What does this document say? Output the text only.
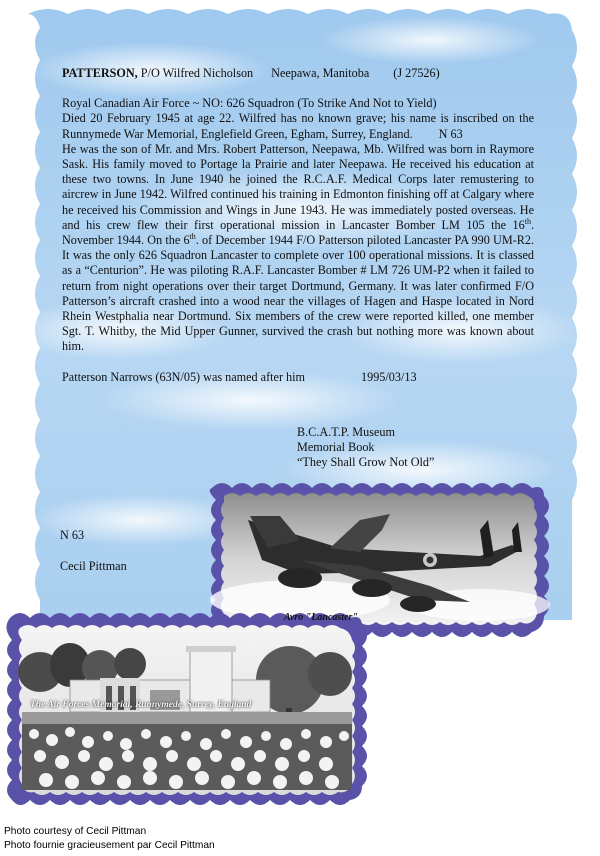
PATTERSON,
P/O Wilfred Nicholson Neepawa, Manitoba (J 27526)

Royal Canadian Air Force ~ NO: 626 Squadron (To Strike And Not to Yield)

Died 20 February 1945 at age 22. Wilfred has no known grave; his name is inscribed on the Runnymede War Memorial, Englefield Green, Egham, Surrey, England. N 63

He was the son of Mr. and Mrs. Robert Patterson, Neepawa, Mb. Wilfred was born in Raymore Sask. His family moved to Portage la Prairie and later Neepawa. He received his education at these two towns. In June 1940 he joined the R.C.A.F. Medical Corps later remustering to aircrew in June 1942. Wilfred continued his training in Edmonton finishing off at Calgary where he received his Commission and Wings in June 1943. He was immediately posted overseas. He and his crew flew their first operational mission in Lancaster Bomber LM 105 the 16th. November 1944. On the 6th. of December 1944 F/O Patterson piloted Lancaster PA 990 UM-R2. It was the only 626 Squadron Lancaster to complete over 100 operational missions. It is classed as a “Centurion”. He was piloting R.A.F. Lancaster Bomber # LM 726 UM-P2 when it failed to return from night operations over their target Dortmund, Germany. It was later confirmed F/O Patterson’s aircraft crashed into a wood near the villages of Hagen and Haspe located in Nord Rhein Westphalia near Dortmund. Six members of the crew were reported killed, one member Sgt. T. Whitby, the Mid Upper Gunner, survived the crash but nothing more was known about him.

Patterson Narrows (63N/05) was named after him	1995/03/13
B.C.A.T.P. Museum
Memorial Book
“They Shall Grow Not Old”
N 63
Cecil Pittman
Avro "Lancaster"
The Air Forces Memorial, Runnymede, Surrey, England
Photo courtesy of Cecil Pittman
Photo fournie gracieusement par Cecil Pittman
